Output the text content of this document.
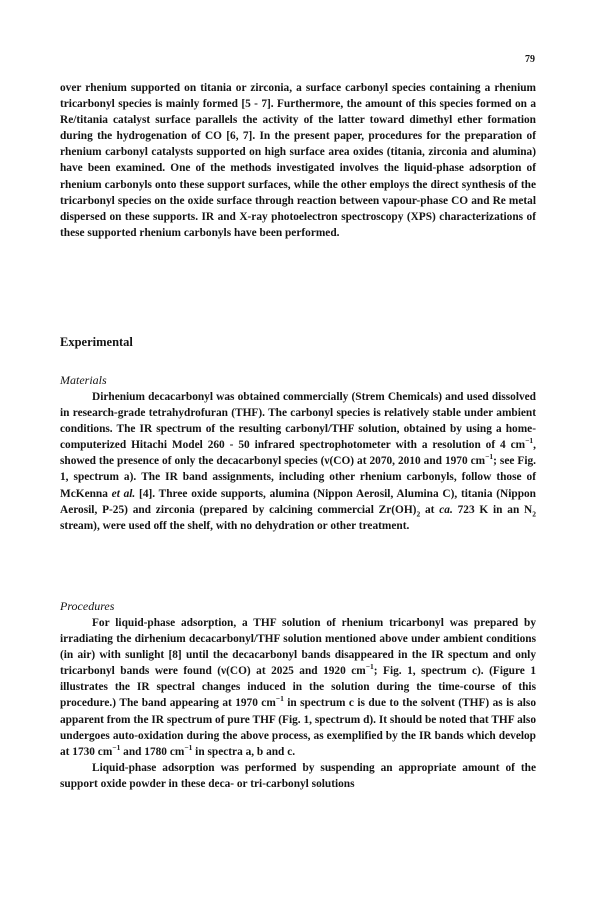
79

over rhenium supported on titania or zirconia, a surface carbonyl species containing a rhenium tricarbonyl species is mainly formed [5 - 7]. Furthermore, the amount of this species formed on a Re/titania catalyst surface parallels the activity of the latter toward dimethyl ether formation during the hydrogenation of CO [6, 7]. In the present paper, procedures for the preparation of rhenium carbonyl catalysts supported on high surface area oxides (titania, zirconia and alumina) have been examined. One of the methods investigated involves the liquid-phase adsorption of rhenium carbonyls onto these support surfaces, while the other employs the direct synthesis of the tricarbonyl species on the oxide surface through reaction between vapour-phase CO and Re metal dispersed on these supports. IR and X-ray photoelectron spectroscopy (XPS) characterizations of these supported rhenium carbonyls have been performed.

Experimental
Materials

Dirhenium decacarbonyl was obtained commercially (Strem Chemicals) and used dissolved in research-grade tetrahydrofuran (THF). The carbonyl species is relatively stable under ambient conditions. The IR spectrum of the resulting carbonyl/THF solution, obtained by using a home-computerized Hitachi Model 260 - 50 infrared spectrophotometer with a resolution of 4 $cm^{-1}$, showed the presence of only the decacarbonyl species (ν(CO) at 2070, 2010 and 1970 $cm^{-1}$; see Fig. 1, spectrum a). The IR band assignments, including other rhenium carbonyls, follow those of McKenna et al. [4]. Three oxide supports, alumina (Nippon Aerosil, Alumina C), titania (Nippon Aerosil, P-25) and zirconia (prepared by calcining commercial $Zr(OH)_2$ at ca. 723 K in an $N_2$ stream), were used off the shelf, with no dehydration or other treatment.

Procedures

For liquid-phase adsorption, a THF solution of rhenium tricarbonyl was prepared by irradiating the dirhenium decacarbonyl/THF solution mentioned above under ambient conditions (in air) with sunlight [8] until the decacarbonyl bands disappeared in the IR spectum and only tricarbonyl bands were found (ν(CO) at 2025 and 1920 $cm^{-1}$; Fig. 1, spectrum c). (Figure 1 illustrates the IR spectral changes induced in the solution during the time-course of this procedure.) The band appearing at 1970 $cm^{-1}$ in spectrum c is due to the solvent (THF) as is also apparent from the IR spectrum of pure THF (Fig. 1, spectrum d). It should be noted that THF also undergoes auto-oxidation during the above process, as exemplified by the IR bands which develop at 1730 $cm^{-1}$ and 1780 $cm^{-1}$ in spectra a, b and c.

Liquid-phase adsorption was performed by suspending an appropriate amount of the support oxide powder in these deca- or tri-carbonyl solutions
